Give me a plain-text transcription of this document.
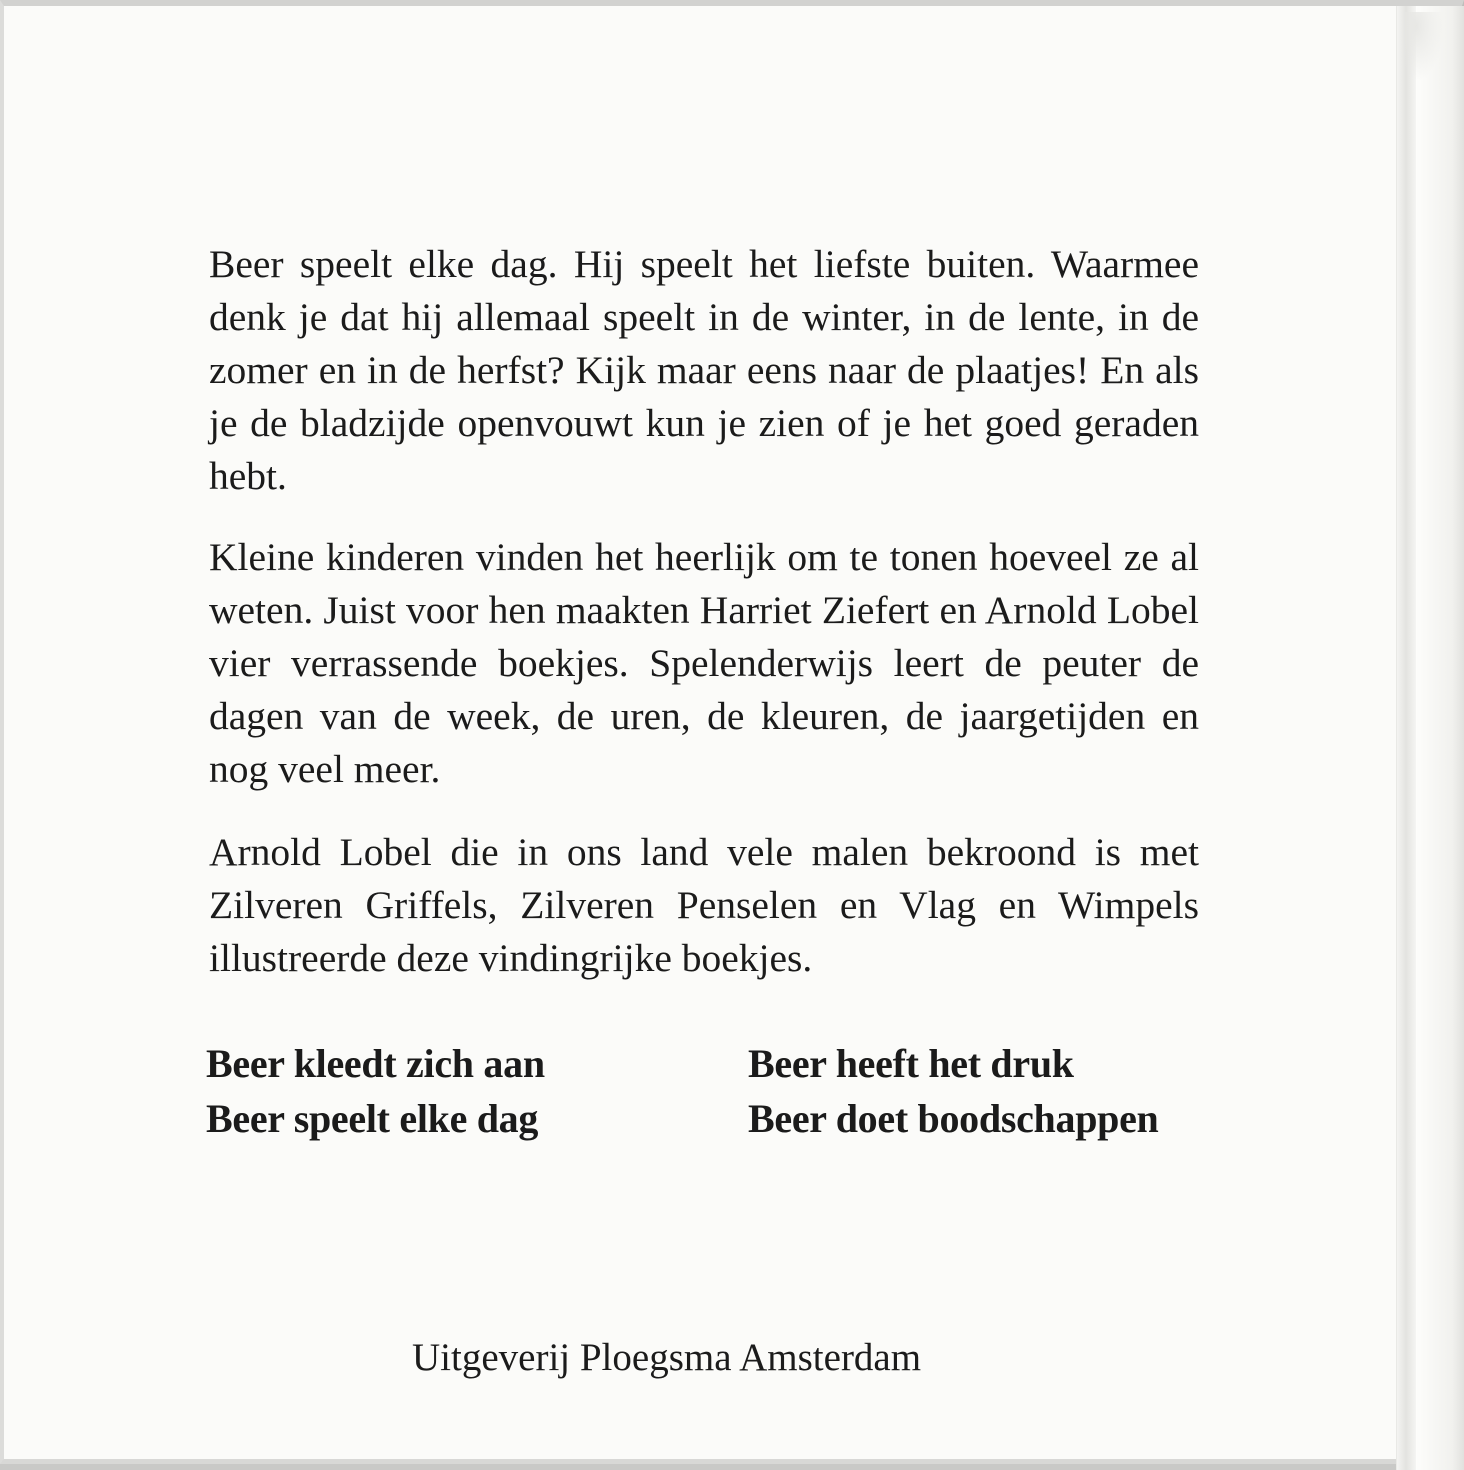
Beer speelt elke dag. Hij speelt het liefste buiten. Waarmee denk je dat hij allemaal speelt in de winter, in de lente, in de zomer en in de herfst? Kijk maar eens naar de plaatjes! En als je de bladzijde openvouwt kun je zien of je het goed geraden hebt.

Kleine kinderen vinden het heerlijk om te tonen hoeveel ze al weten. Juist voor hen maakten Harriet Ziefert en Arnold Lobel vier verrassende boekjes. Spelenderwijs leert de peuter de dagen van de week, de uren, de kleuren, de jaargetijden en nog veel meer.

Arnold Lobel die in ons land vele malen bekroond is met Zilveren Griffels, Zilveren Penselen en Vlag en Wimpels illustreerde deze vindingrijke boekjes.

Beer kleedt zich aan
Beer speelt elke dag
Beer heeft het druk
Beer doet boodschappen
Uitgeverij Ploegsma Amsterdam
